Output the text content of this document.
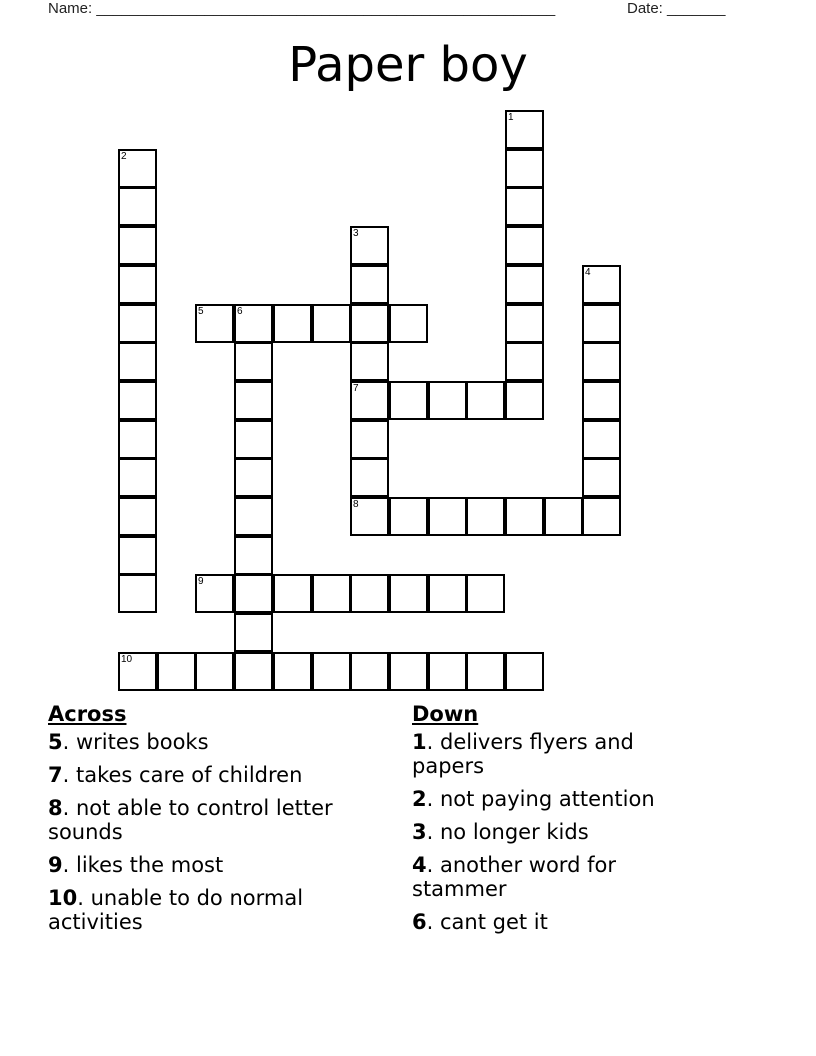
Name: _______________________________________________________	Date: _______
Paper boy
1
2
3
7
4
5	6
8
9
10
Across
5. writes books
7. takes care of children
8. not able to control letter sounds
9. likes the most
10. unable to do normal activities
Down
1. delivers flyers and papers
2. not paying attention
3. no longer kids
4. another word for stammer
6. cant get it
